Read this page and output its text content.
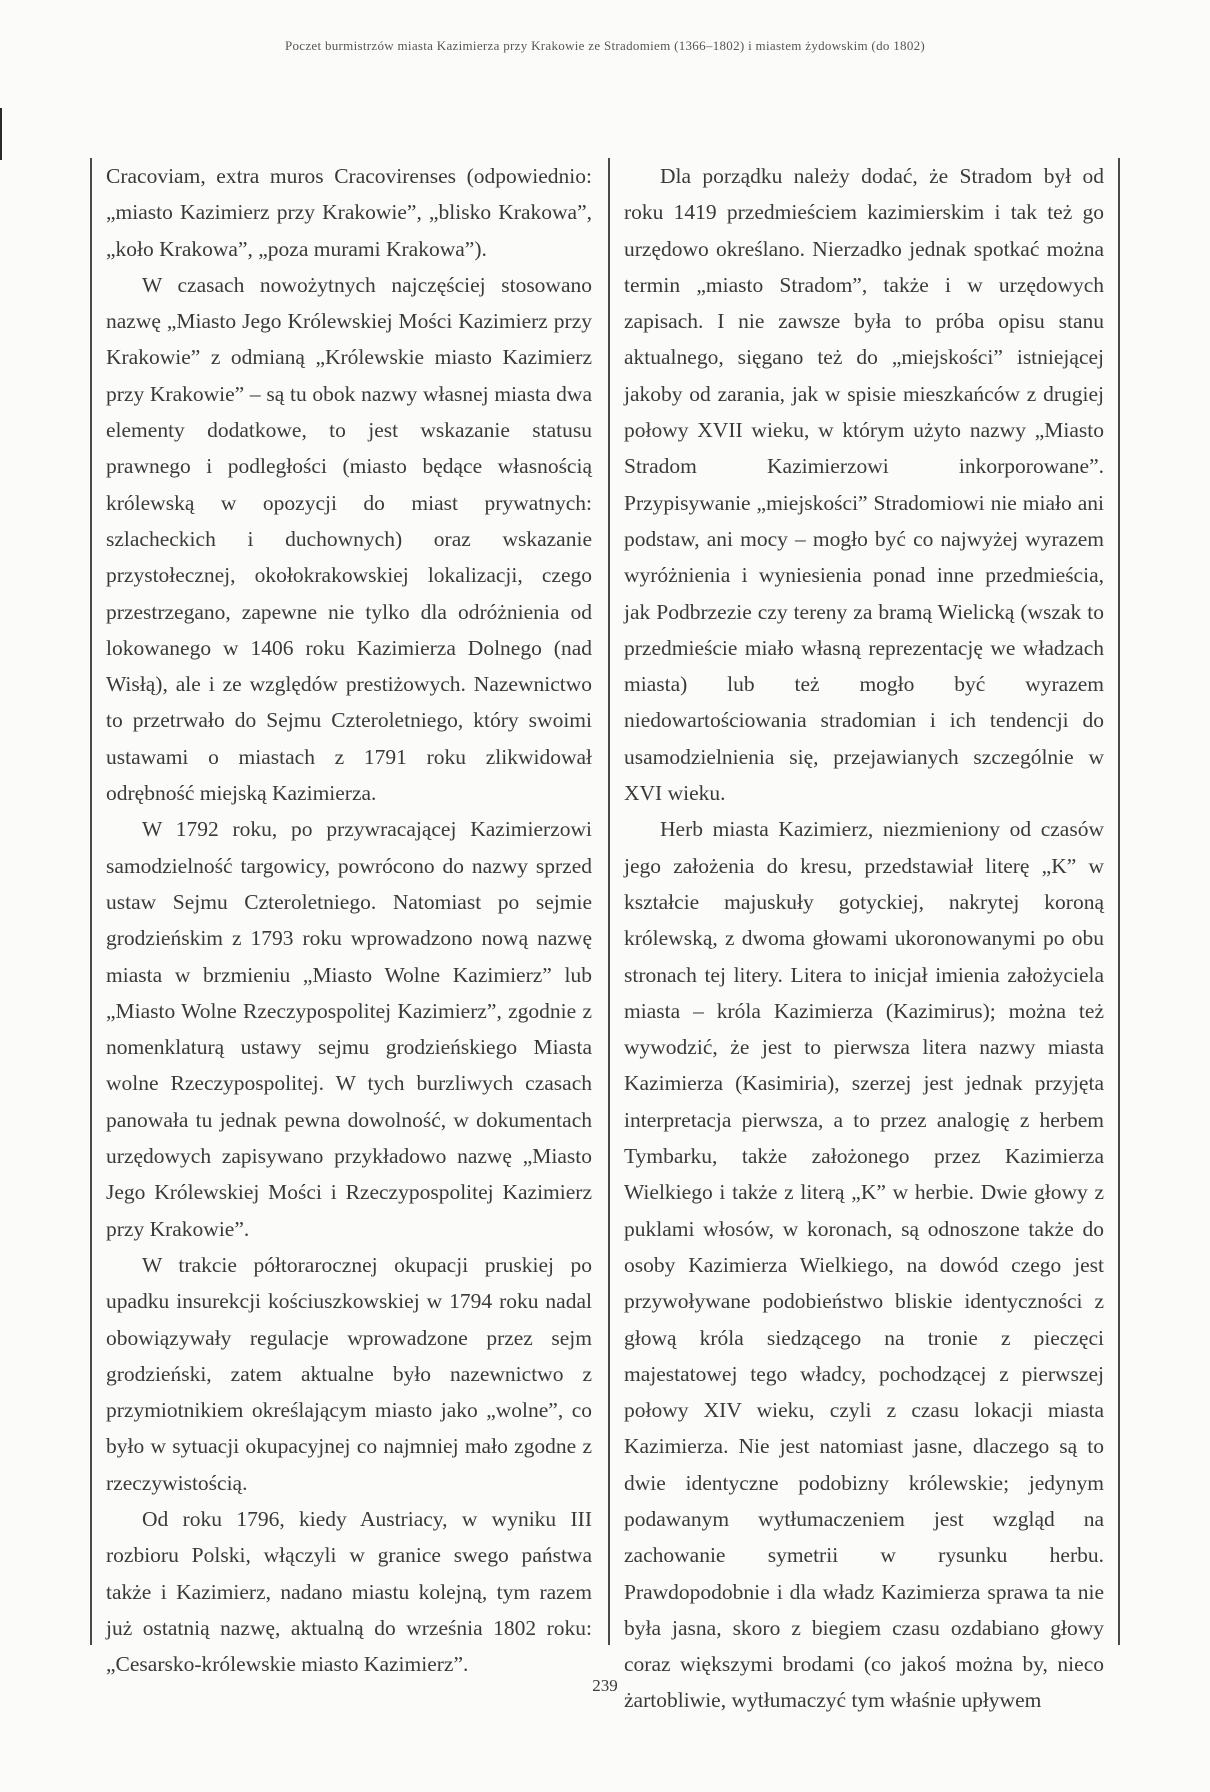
Poczet burmistrzów miasta Kazimierza przy Krakowie ze Stradomiem (1366–1802) i miastem żydowskim (do 1802)

Cracoviam, extra muros Cracovirenses (odpowiednio: „miasto Kazimierz przy Krakowie”, „blisko Krakowa”, „koło Krakowa”, „poza murami Krakowa”).

W czasach nowożytnych najczęściej stosowano nazwę „Miasto Jego Królewskiej Mości Kazimierz przy Krakowie” z odmianą „Królewskie miasto Kazimierz przy Krakowie” – są tu obok nazwy własnej miasta dwa elementy dodatkowe, to jest wskazanie statusu prawnego i podległości (miasto będące własnością królewską w opozycji do miast prywatnych: szlacheckich i duchownych) oraz wskazanie przystołecznej, okołokrakowskiej lokalizacji, czego przestrzegano, zapewne nie tylko dla odróżnienia od lokowanego w 1406 roku Kazimierza Dolnego (nad Wisłą), ale i ze względów prestiżowych. Nazewnictwo to przetrwało do Sejmu Czteroletniego, który swoimi ustawami o miastach z 1791 roku zlikwidował odrębność miejską Kazimierza.

W 1792 roku, po przywracającej Kazimierzowi samodzielność targowicy, powrócono do nazwy sprzed ustaw Sejmu Czteroletniego. Natomiast po sejmie grodzieńskim z 1793 roku wprowadzono nową nazwę miasta w brzmieniu „Miasto Wolne Kazimierz” lub „Miasto Wolne Rzeczypospolitej Kazimierz”, zgodnie z nomenklaturą ustawy sejmu grodzieńskiego Miasta wolne Rzeczypospolitej. W tych burzliwych czasach panowała tu jednak pewna dowolność, w dokumentach urzędowych zapisywano przykładowo nazwę „Miasto Jego Królewskiej Mości i Rzeczypospolitej Kazimierz przy Krakowie”.

W trakcie półtorarocznej okupacji pruskiej po upadku insurekcji kościuszkowskiej w 1794 roku nadal obowiązywały regulacje wprowadzone przez sejm grodzieński, zatem aktualne było nazewnictwo z przymiotnikiem określającym miasto jako „wolne”, co było w sytuacji okupacyjnej co najmniej mało zgodne z rzeczywistością.

Od roku 1796, kiedy Austriacy, w wyniku III rozbioru Polski, włączyli w granice swego państwa także i Kazimierz, nadano miastu kolejną, tym razem już ostatnią nazwę, aktualną do września 1802 roku: „Cesarsko-królewskie miasto Kazimierz”.

Dla porządku należy dodać, że Stradom był od roku 1419 przedmieściem kazimierskim i tak też go urzędowo określano. Nierzadko jednak spotkać można termin „miasto Stradom”, także i w urzędowych zapisach. I nie zawsze była to próba opisu stanu aktualnego, sięgano też do „miejskości” istniejącej jakoby od zarania, jak w spisie mieszkańców z drugiej połowy XVII wieku, w którym użyto nazwy „Miasto Stradom Kazimierzowi inkorporowane”. Przypisywanie „miejskości” Stradomiowi nie miało ani podstaw, ani mocy – mogło być co najwyżej wyrazem wyróżnienia i wyniesienia ponad inne przedmieścia, jak Podbrzezie czy tereny za bramą Wielicką (wszak to przedmieście miało własną reprezentację we władzach miasta) lub też mogło być wyrazem niedowartościowania stradomian i ich tendencji do usamodzielnienia się, przejawianych szczególnie w XVI wieku.

Herb miasta Kazimierz, niezmieniony od czasów jego założenia do kresu, przedstawiał literę „K” w kształcie majuskuły gotyckiej, nakrytej koroną królewską, z dwoma głowami ukoronowanymi po obu stronach tej litery. Litera to inicjał imienia założyciela miasta – króla Kazimierza (Kazimirus); można też wywodzić, że jest to pierwsza litera nazwy miasta Kazimierza (Kasimiria), szerzej jest jednak przyjęta interpretacja pierwsza, a to przez analogię z herbem Tymbarku, także założonego przez Kazimierza Wielkiego i także z literą „K” w herbie. Dwie głowy z puklami włosów, w koronach, są odnoszone także do osoby Kazimierza Wielkiego, na dowód czego jest przywoływane podobieństwo bliskie identyczności z głową króla siedzącego na tronie z pieczęci majestatowej tego władcy, pochodzącej z pierwszej połowy XIV wieku, czyli z czasu lokacji miasta Kazimierza. Nie jest natomiast jasne, dlaczego są to dwie identyczne podobizny królewskie; jedynym podawanym wytłumaczeniem jest wzgląd na zachowanie symetrii w rysunku herbu. Prawdopodobnie i dla władz Kazimierza sprawa ta nie była jasna, skoro z biegiem czasu ozdabiano głowy coraz większymi brodami (co jakoś można by, nieco żartobliwie, wytłumaczyć tym właśnie upływem

239
